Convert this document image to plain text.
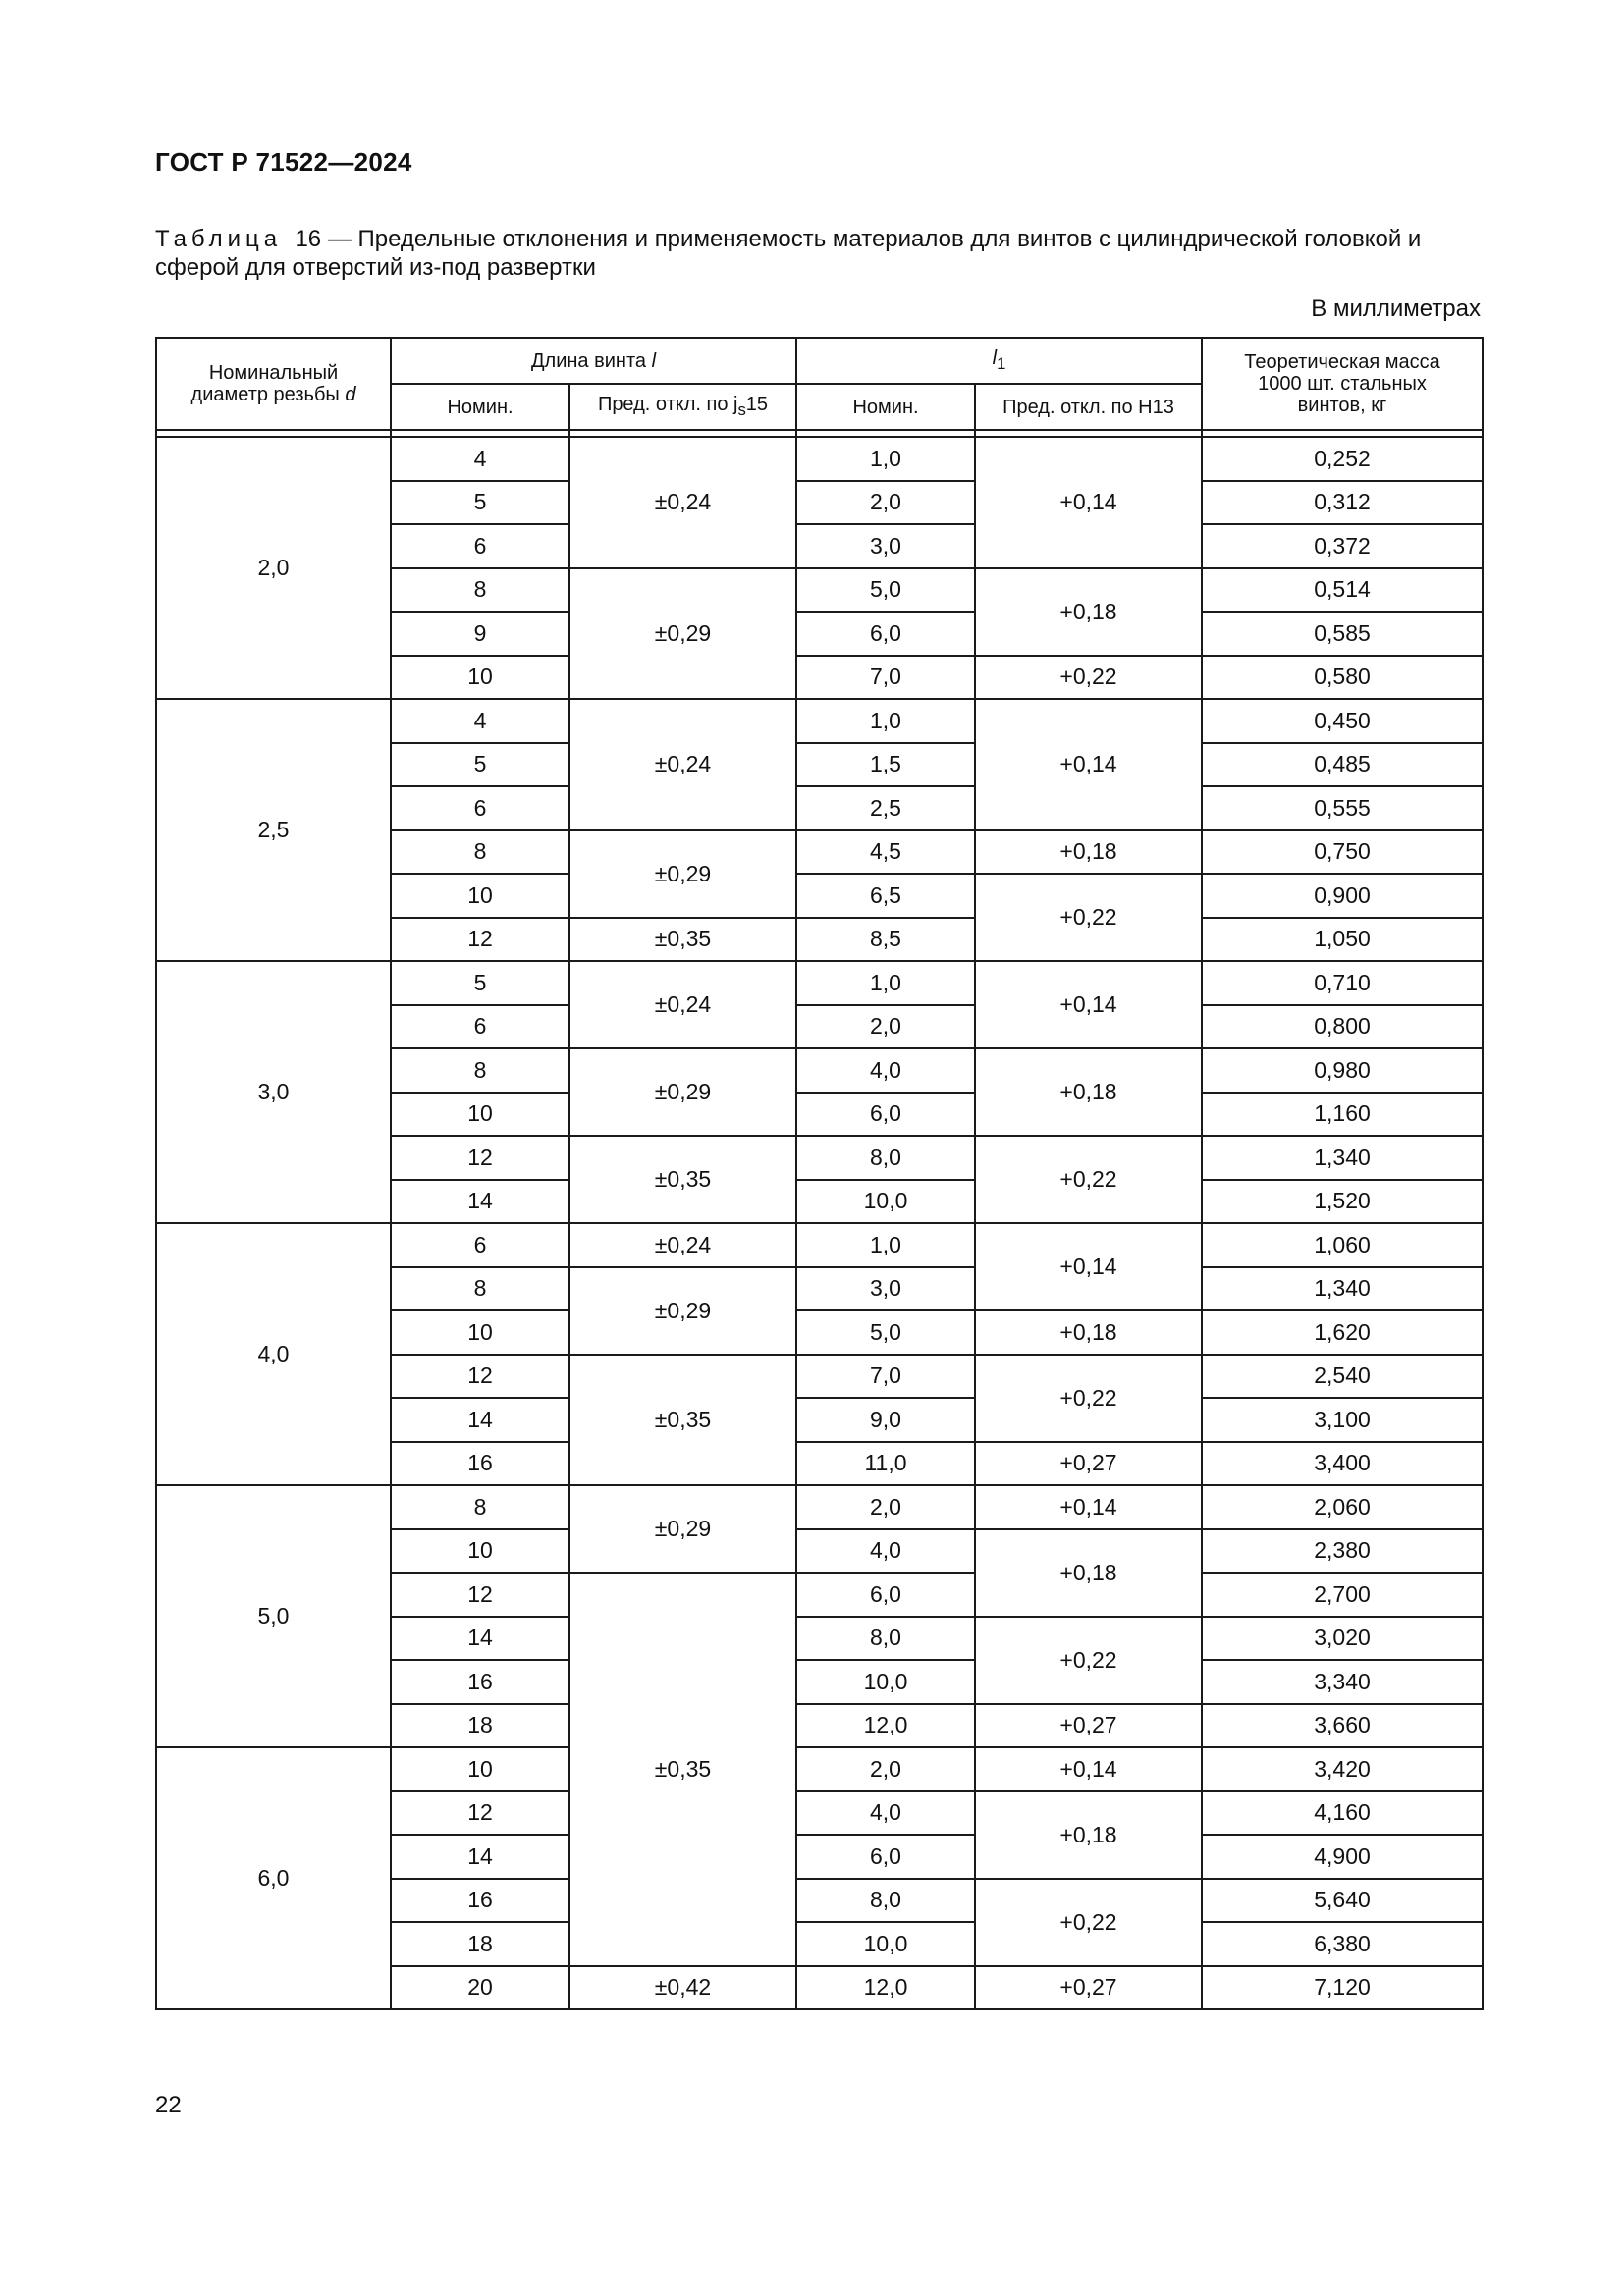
ГОСТ Р 71522—2024
Таблица 16 — Предельные отклонения и применяемость материалов для винтов с цилиндрической головкой и сферой для отверстий из-под развертки
В миллиметрах
Номинальный
диаметр резьбы d	Длина винта l		$l_1$		Теоретическая масса
1000 шт. стальных
винтов, кг
	Номин.	Пред. откл. по $j_s15$	Номин.	Пред. откл. по Н13	

2,0	4	±0,24	1,0	+0,14	0,252
	5		2,0		0,312
	6		3,0		0,372
	8	±0,29	5,0	+0,18	0,514
	9		6,0		0,585
	10		7,0	+0,22	0,580
2,5	4	±0,24	1,0	+0,14	0,450
	5		1,5		0,485
	6		2,5		0,555
	8	±0,29	4,5	+0,18	0,750
	10		6,5	+0,22	0,900
	12	±0,35	8,5		1,050
3,0	5	±0,24	1,0	+0,14	0,710
	6		2,0		0,800
	8	±0,29	4,0	+0,18	0,980
	10		6,0		1,160
	12	±0,35	8,0	+0,22	1,340
	14		10,0		1,520
4,0	6	±0,24	1,0	+0,14	1,060
	8	±0,29	3,0		1,340
	10		5,0	+0,18	1,620
	12	±0,35	7,0	+0,22	2,540
	14		9,0		3,100
	16		11,0	+0,27	3,400
5,0	8	±0,29	2,0	+0,14	2,060
	10		4,0	+0,18	2,380
	12	±0,35	6,0		2,700
	14		8,0	+0,22	3,020
	16		10,0		3,340
	18		12,0	+0,27	3,660
6,0	10		2,0	+0,14	3,420
	12		4,0	+0,18	4,160
	14		6,0		4,900
	16		8,0	+0,22	5,640
	18		10,0		6,380
	20	±0,42	12,0	+0,27	7,120
22
